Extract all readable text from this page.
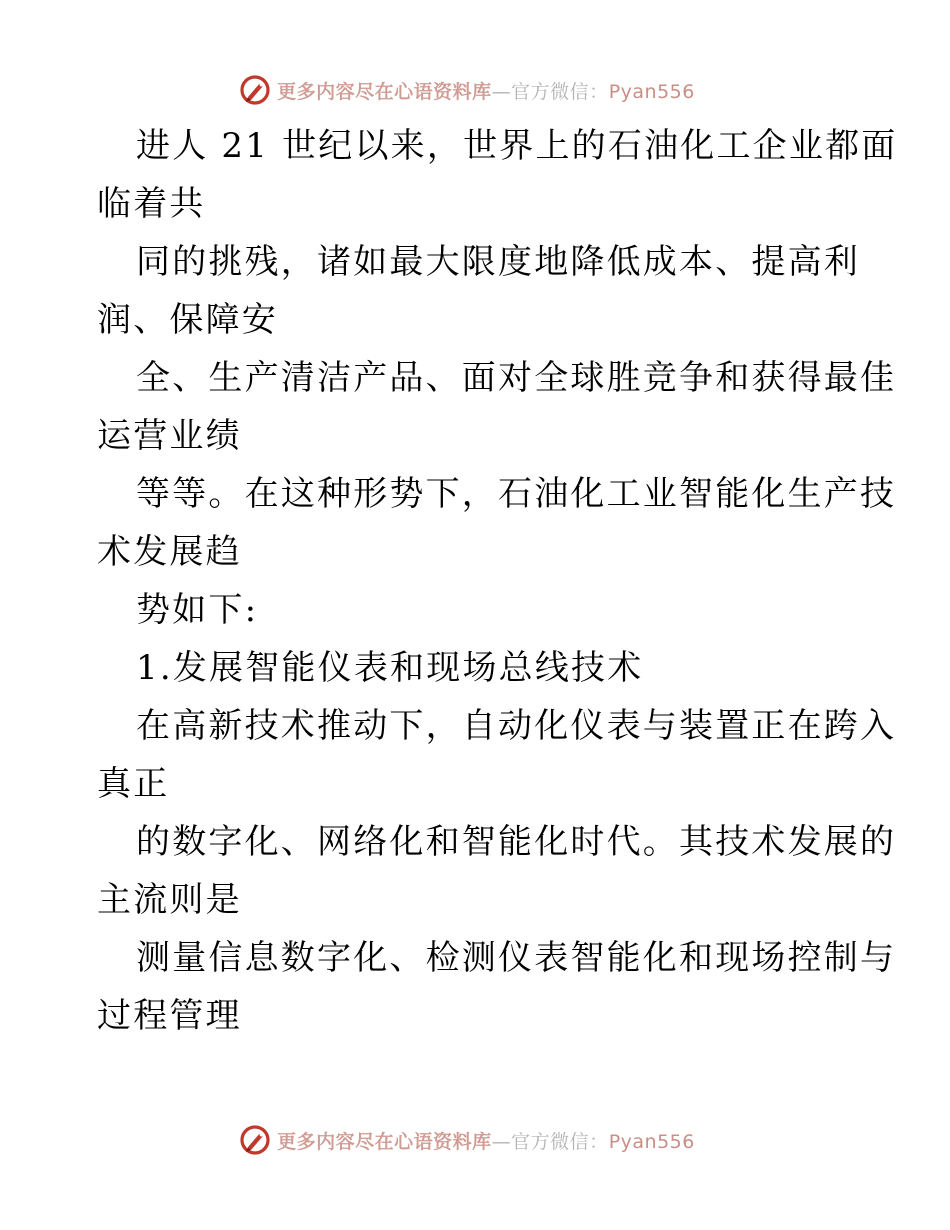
更多内容尽在心语资料库—官方微信：Pyan556
进人 21 世纪以来，世界上的石油化工企业都面
临着共
同的挑残，诸如最大限度地降低成本、提高利
润、保障安
全、生产清洁产品、面对全球胜竞争和获得最佳
运营业绩
等等。在这种形势下，石油化工业智能化生产技
术发展趋
势如下:
1.发展智能仪表和现场总线技术
在高新技术推动下，自动化仪表与装置正在跨入
真正
的数字化、网络化和智能化时代。其技术发展的
主流则是
测量信息数字化、检测仪表智能化和现场控制与
过程管理
更多内容尽在心语资料库—官方微信：Pyan556
